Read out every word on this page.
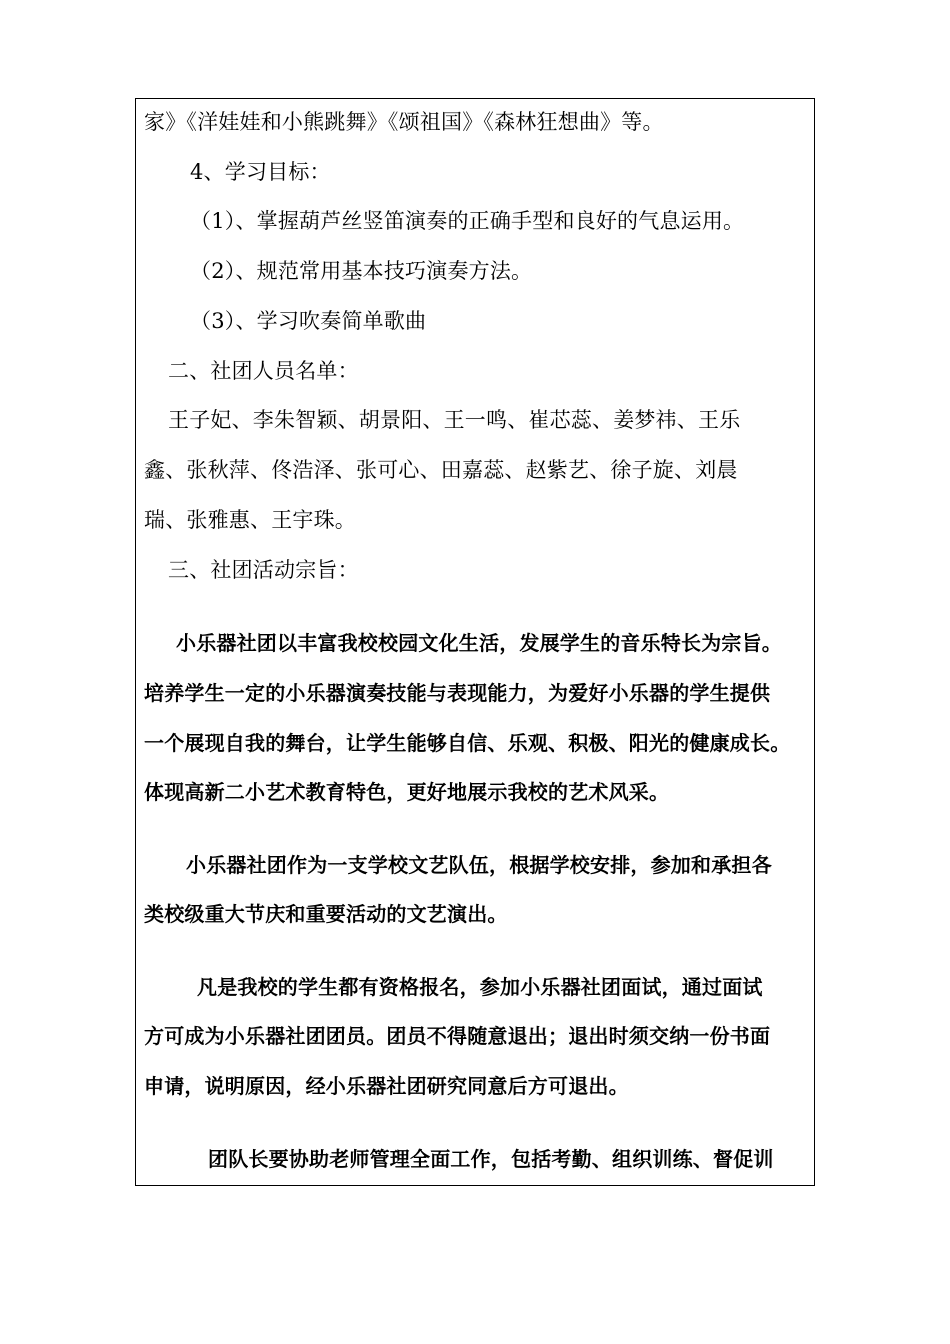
家》《洋娃娃和小熊跳舞》《颂祖国》《森林狂想曲》等。
4、学习目标：
（1）、掌握葫芦丝竖笛演奏的正确手型和良好的气息运用。
（2）、规范常用基本技巧演奏方法。
（3）、学习吹奏简单歌曲
二、社团人员名单：
王子妃、李朱智颖、胡景阳、王一鸣、崔芯蕊、姜梦祎、王乐
鑫、张秋萍、佟浩泽、张可心、田嘉蕊、赵紫艺、徐子旋、刘晨
瑞、张雅惠、王宇珠。
三、社团活动宗旨：
小乐器社团以丰富我校校园文化生活，发展学生的音乐特长为宗旨。
培养学生一定的小乐器演奏技能与表现能力，为爱好小乐器的学生提供
一个展现自我的舞台，让学生能够自信、乐观、积极、阳光的健康成长。
体现高新二小艺术教育特色，更好地展示我校的艺术风采。
小乐器社团作为一支学校文艺队伍，根据学校安排，参加和承担各
类校级重大节庆和重要活动的文艺演出。
凡是我校的学生都有资格报名，参加小乐器社团面试，通过面试
方可成为小乐器社团团员。团员不得随意退出；退出时须交纳一份书面
申请，说明原因，经小乐器社团研究同意后方可退出。
团队长要协助老师管理全面工作，包括考勤、组织训练、督促训
